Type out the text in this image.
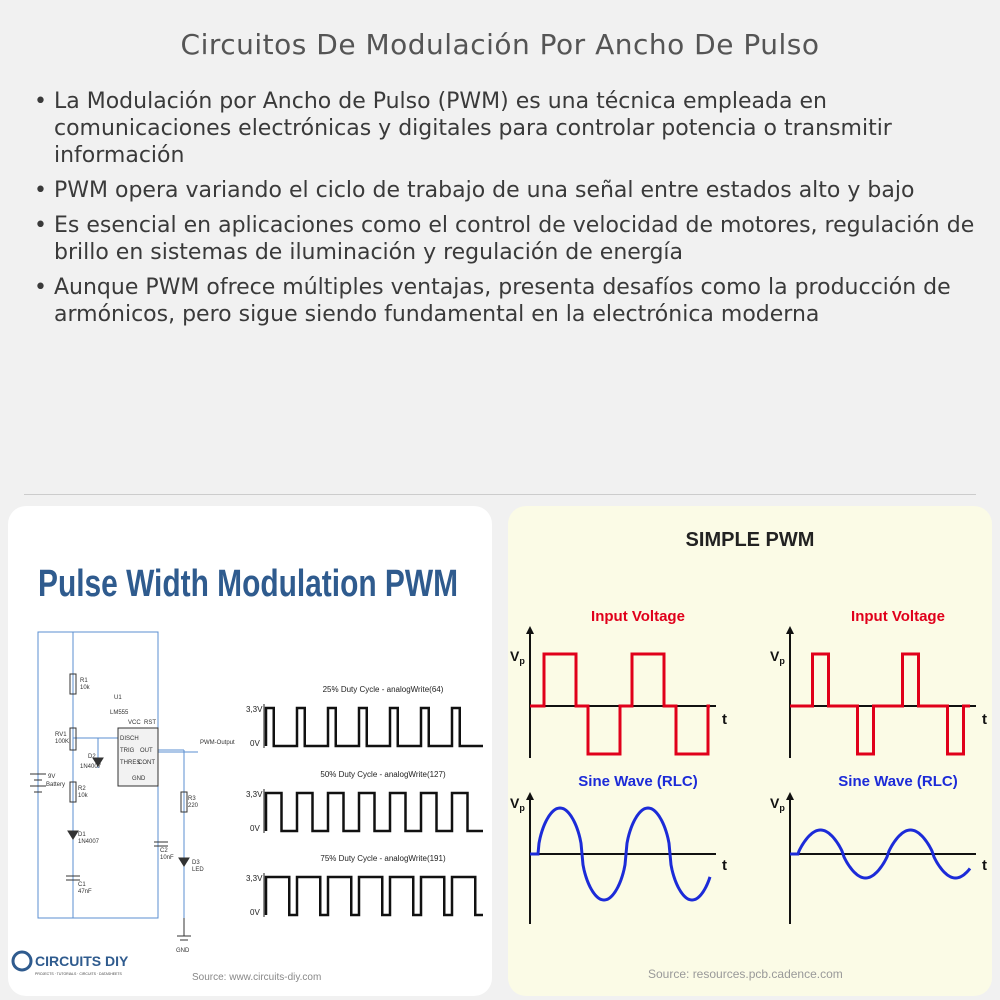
Circuitos De Modulación Por Ancho De Pulso
• La Modulación por Ancho de Pulso (PWM) es una técnica empleada en comunicaciones electrónicas y digitales para controlar potencia o transmitir información
• PWM opera variando el ciclo de trabajo de una señal entre estados alto y bajo
• Es esencial en aplicaciones como el control de velocidad de motores, regulación de brillo en sistemas de iluminación y regulación de energía
• Aunque PWM ofrece múltiples ventajas, presenta desafíos como la producción de armónicos, pero sigue siendo fundamental en la electrónica moderna
Pulse Width Modulation PWM
R1
10k
RV1
100K
9V
Battery
D2
1N4007
R2
10k
D1
1N4007
C1
47nF
U1
LM555
DISCH
TRIG
THRES
OUT
CONT
VCC RST
GND
PWM-Output
R3
220
C2
10nF
D3
LED
GND
25% Duty Cycle - analogWrite(64)
3,3V
0V
50% Duty Cycle - analogWrite(127)
3,3V
0V
75% Duty Cycle - analogWrite(191)
3,3V
0V
CIRCUITS DIY
PROJECTS · TUTORIALS · CIRCUITS · DATASHEETS	Source: www.circuits-diy.com
SIMPLE PWM
$V_p$
$V_p$
t
t
Input Voltage
Sine Wave (RLC)
$V_p$
$V_p$
t
t
Input Voltage
Sine Wave (RLC)
Source: resources.pcb.cadence.com
